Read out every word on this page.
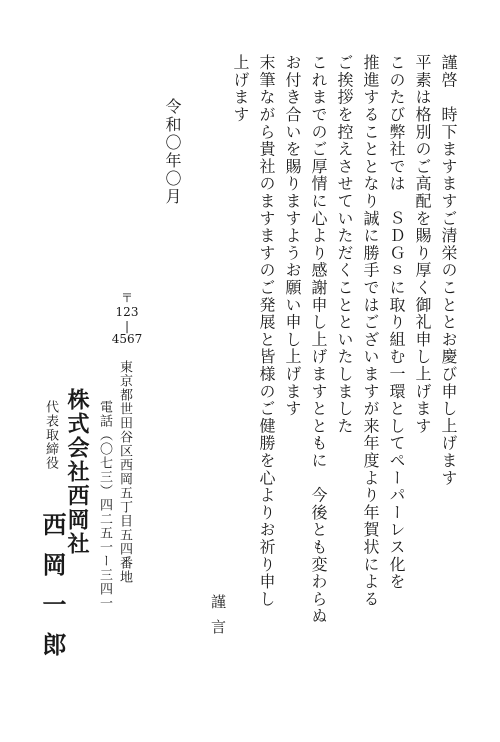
謹啓　時下ますますご清栄のこととお慶び申し上げます
平素は格別のご高配を賜り厚く御礼申し上げます
このたび弊社では　ＳＤＧｓに取り組む一環としてペーパーレス化を
推進することとなり誠に勝手ではございますが来年度より年賀状による
ご挨拶を控えさせていただくことといたしました
これまでのご厚情に心より感謝申し上げますとともに　今後とも変わらぬ
お付き合いを賜りますようお願い申し上げます
末筆ながら貴社のますますのご発展と皆様のご健勝を心よりお祈り申し
上げます
謹言
令和〇年〇月
〒
123
|
4567
東京都世田谷区西岡五丁目五四番地
電話（〇七三）四二五一ー三四一
株式会社西岡社
代表取締役
西岡一郎
